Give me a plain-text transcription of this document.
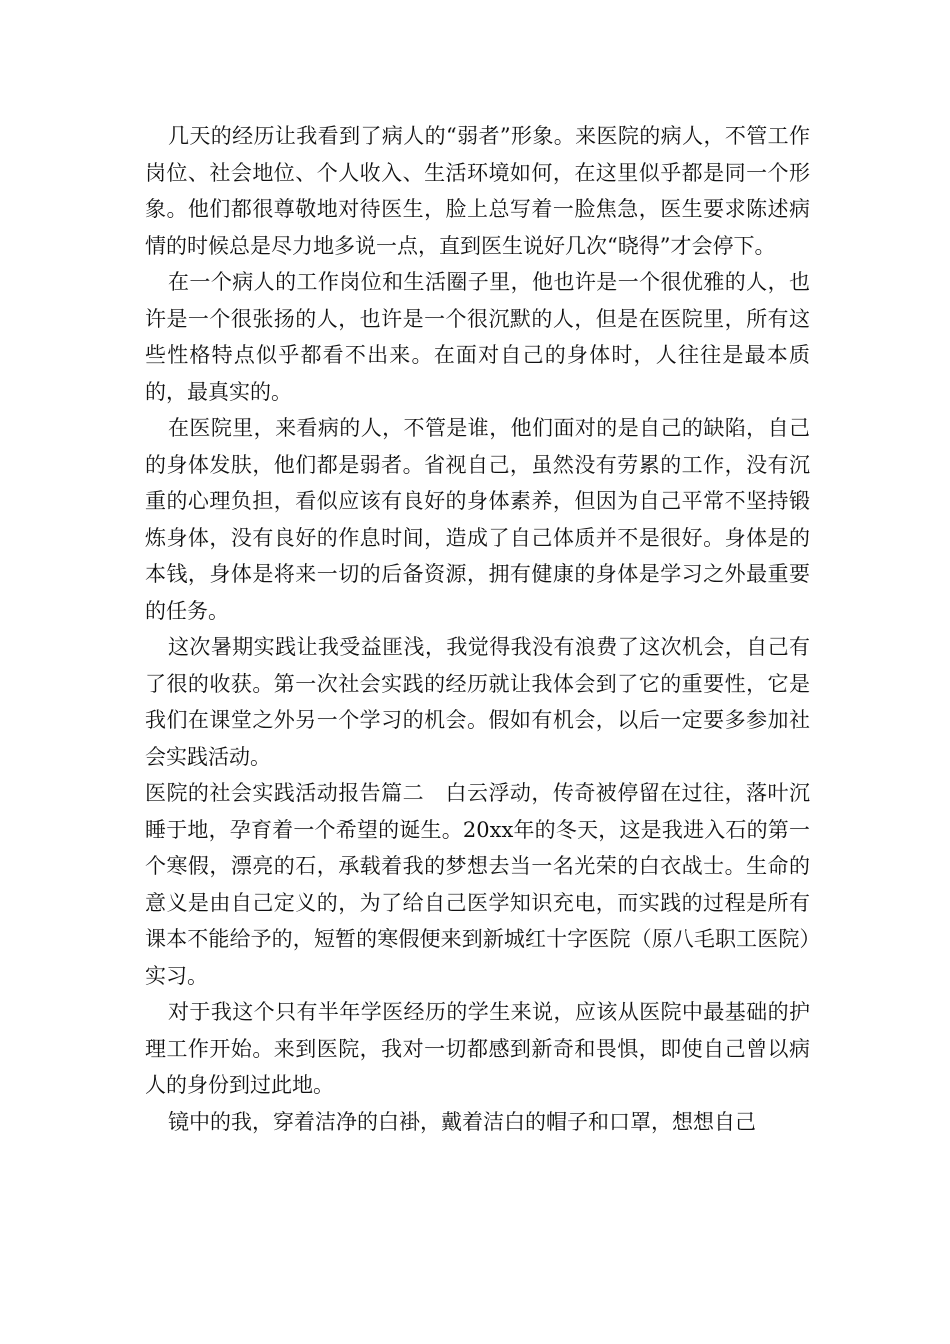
几天的经历让我看到了病人的“弱者”形象。来医院的病人，不管工作岗位、社会地位、个人收入、生活环境如何，在这里似乎都是同一个形象。他们都很尊敬地对待医生，脸上总写着一脸焦急，医生要求陈述病情的时候总是尽力地多说一点，直到医生说好几次“晓得”才会停下。

在一个病人的工作岗位和生活圈子里，他也许是一个很优雅的人，也许是一个很张扬的人，也许是一个很沉默的人，但是在医院里，所有这些性格特点似乎都看不出来。在面对自己的身体时，人往往是最本质的，最真实的。

在医院里，来看病的人，不管是谁，他们面对的是自己的缺陷，自己的身体发肤，他们都是弱者。省视自己，虽然没有劳累的工作，没有沉重的心理负担，看似应该有良好的身体素养，但因为自己平常不坚持锻炼身体，没有良好的作息时间，造成了自己体质并不是很好。身体是的本钱，身体是将来一切的后备资源，拥有健康的身体是学习之外最重要的任务。

这次暑期实践让我受益匪浅，我觉得我没有浪费了这次机会，自己有了很的收获。第一次社会实践的经历就让我体会到了它的重要性，它是我们在课堂之外另一个学习的机会。假如有机会，以后一定要多参加社会实践活动。

医院的社会实践活动报告篇二　白云浮动，传奇被停留在过往，落叶沉睡于地，孕育着一个希望的诞生。20xx年的冬天，这是我进入石的第一个寒假，漂亮的石，承载着我的梦想去当一名光荣的白衣战士。生命的意义是由自己定义的，为了给自己医学知识充电，而实践的过程是所有课本不能给予的，短暂的寒假便来到新城红十字医院（原八毛职工医院）实习。

对于我这个只有半年学医经历的学生来说，应该从医院中最基础的护理工作开始。来到医院，我对一切都感到新奇和畏惧，即使自己曾以病人的身份到过此地。

镜中的我，穿着洁净的白褂，戴着洁白的帽子和口罩，想想自己
